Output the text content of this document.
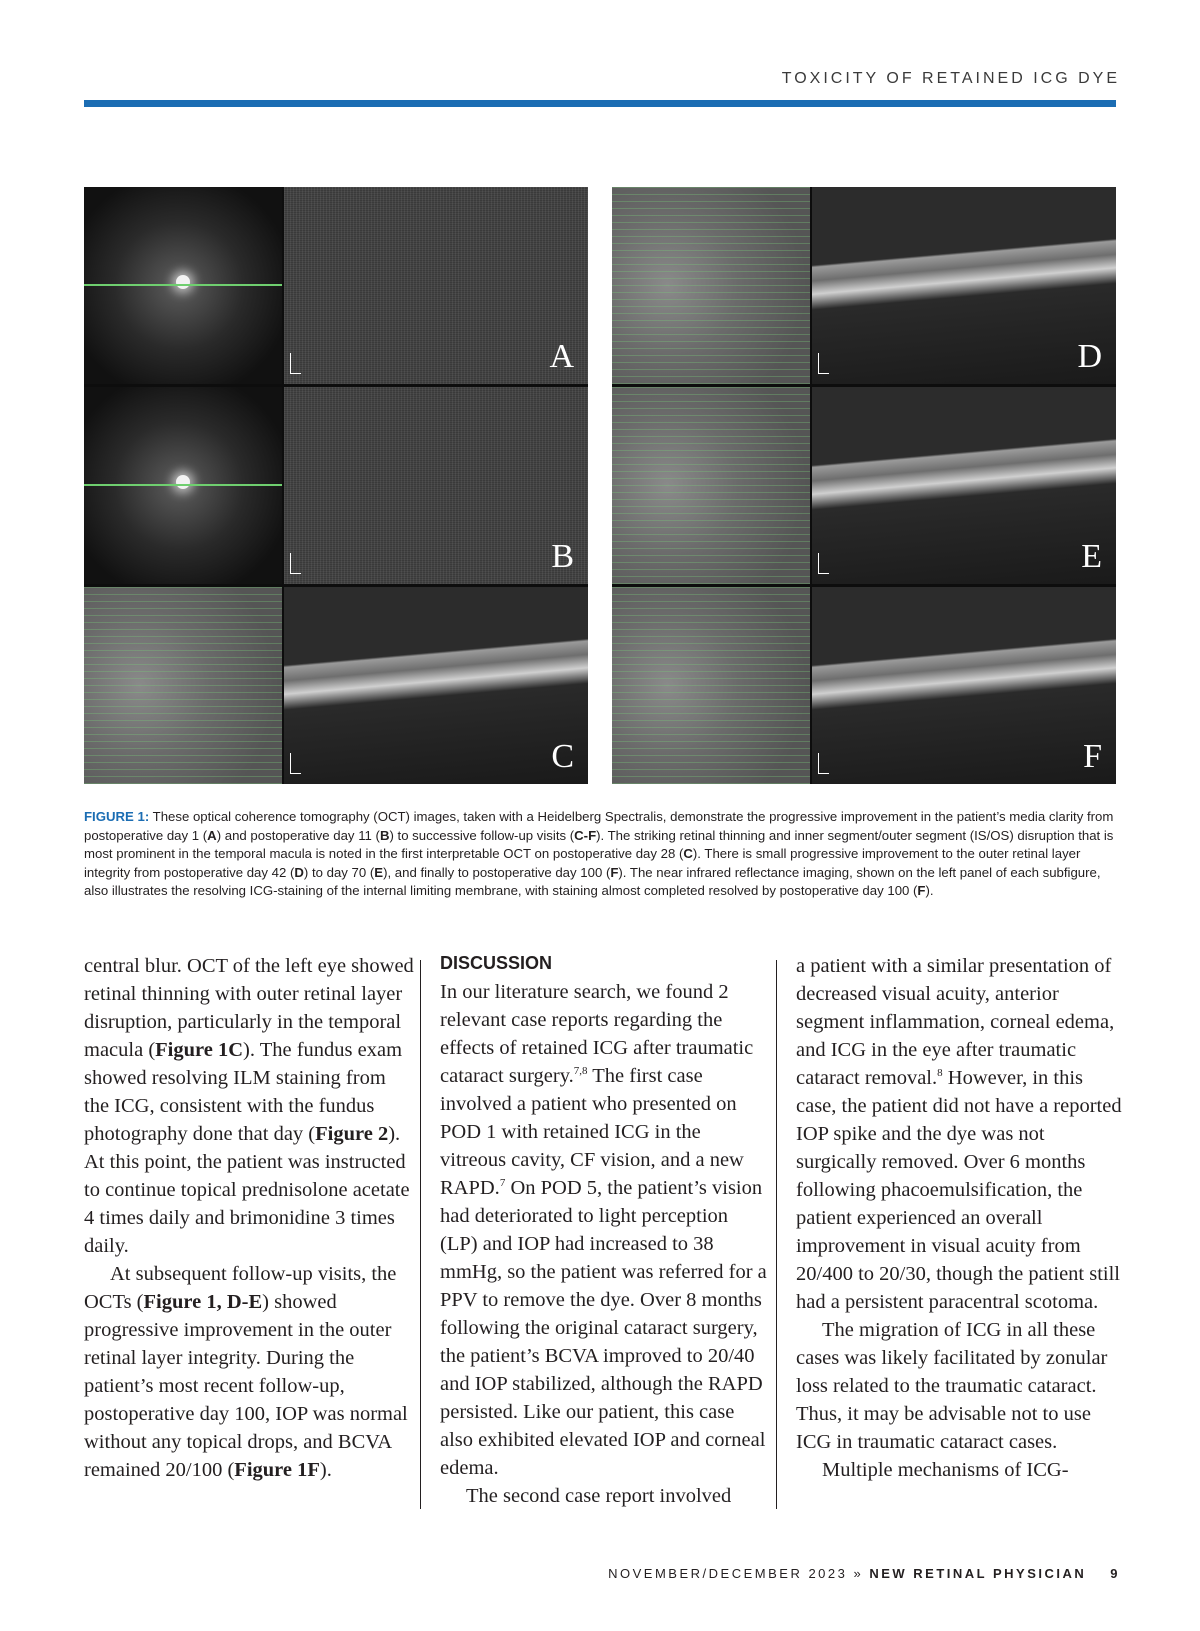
TOXICITY OF RETAINED ICG DYE
A
B
C
D
E
F
FIGURE 1: These optical coherence tomography (OCT) images, taken with a Heidelberg Spectralis, demonstrate the progressive improvement in the patient’s media clarity from postoperative day 1 (A) and postoperative day 11 (B) to successive follow-up visits (C-F). The striking retinal thinning and inner segment/outer segment (IS/OS) disruption that is most prominent in the temporal macula is noted in the first interpretable OCT on postoperative day 28 (C). There is small progressive improvement to the outer retinal layer integrity from postoperative day 42 (D) to day 70 (E), and finally to postoperative day 100 (F). The near infrared reflectance imaging, shown on the left panel of each subfigure, also illustrates the resolving ICG-staining of the internal limiting membrane, with staining almost completed resolved by postoperative day 100 (F).

central blur. OCT of the left eye showed retinal thinning with outer retinal layer disruption, particularly in the temporal macula (Figure 1C). The fundus exam showed resolving ILM staining from the ICG, consistent with the fundus photography done that day (Figure 2). At this point, the patient was instructed to continue topical prednisolone acetate 4 times daily and brimonidine 3 times daily.

At subsequent follow-up visits, the OCTs (Figure 1, D-E) showed progressive improvement in the outer retinal layer integrity. During the patient’s most recent follow-up, postoperative day 100, IOP was normal without any topical drops, and BCVA remained 20/100 (Figure 1F).

DISCUSSION

In our literature search, we found 2 relevant case reports regarding the effects of retained ICG after traumatic cataract surgery.$^{7,8}$ The first case involved a patient who presented on POD 1 with retained ICG in the vitreous cavity, CF vision, and a new RAPD.$^7$ On POD 5, the patient’s vision had deteriorated to light perception (LP) and IOP had increased to 38 mmHg, so the patient was referred for a PPV to remove the dye. Over 8 months following the original cataract surgery, the patient’s BCVA improved to 20/40 and IOP stabilized, although the RAPD persisted. Like our patient, this case also exhibited elevated IOP and corneal edema.

The second case report involved

a patient with a similar presentation of decreased visual acuity, anterior segment inflammation, corneal edema, and ICG in the eye after traumatic cataract removal.$^8$ However, in this case, the patient did not have a reported IOP spike and the dye was not surgically removed. Over 6 months following phacoemulsification, the patient experienced an overall improvement in visual acuity from 20/400 to 20/30, though the patient still had a persistent paracentral scotoma.

The migration of ICG in all these cases was likely facilitated by zonular loss related to the traumatic cataract. Thus, it may be advisable not to use ICG in traumatic cataract cases.

Multiple mechanisms of ICG-

NOVEMBER/DECEMBER 2023 » NEW RETINAL PHYSICIAN 9
